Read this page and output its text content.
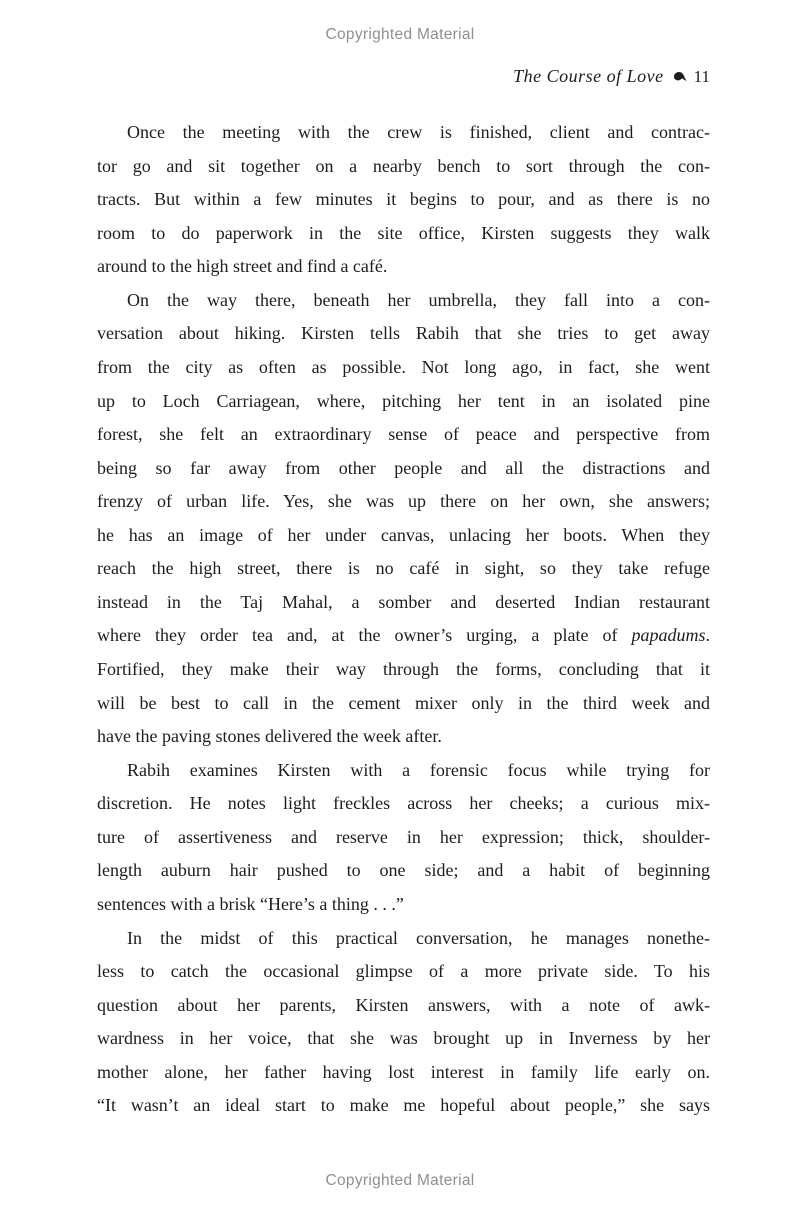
Copyrighted Material
The Course of Love 11
Once the meeting with the crew is finished, client and contrac-
tor go and sit together on a nearby bench to sort through the con-
tracts. But within a few minutes it begins to pour, and as there is no
room to do paperwork in the site office, Kirsten suggests they walk
around to the high street and find a café.
On the way there, beneath her umbrella, they fall into a con-
versation about hiking. Kirsten tells Rabih that she tries to get away
from the city as often as possible. Not long ago, in fact, she went
up to Loch Carriagean, where, pitching her tent in an isolated pine
forest, she felt an extraordinary sense of peace and perspective from
being so far away from other people and all the distractions and
frenzy of urban life. Yes, she was up there on her own, she answers;
he has an image of her under canvas, unlacing her boots. When they
reach the high street, there is no café in sight, so they take refuge
instead in the Taj Mahal, a somber and deserted Indian restaurant
where they order tea and, at the owner’s urging, a plate of papadums.
Fortified, they make their way through the forms, concluding that it
will be best to call in the cement mixer only in the third week and
have the paving stones delivered the week after.
Rabih examines Kirsten with a forensic focus while trying for
discretion. He notes light freckles across her cheeks; a curious mix-
ture of assertiveness and reserve in her expression; thick, shoulder-
length auburn hair pushed to one side; and a habit of beginning
sentences with a brisk “Here’s a thing . . .”
In the midst of this practical conversation, he manages nonethe-
less to catch the occasional glimpse of a more private side. To his
question about her parents, Kirsten answers, with a note of awk-
wardness in her voice, that she was brought up in Inverness by her
mother alone, her father having lost interest in family life early on.
“It wasn’t an ideal start to make me hopeful about people,” she says
Copyrighted Material
